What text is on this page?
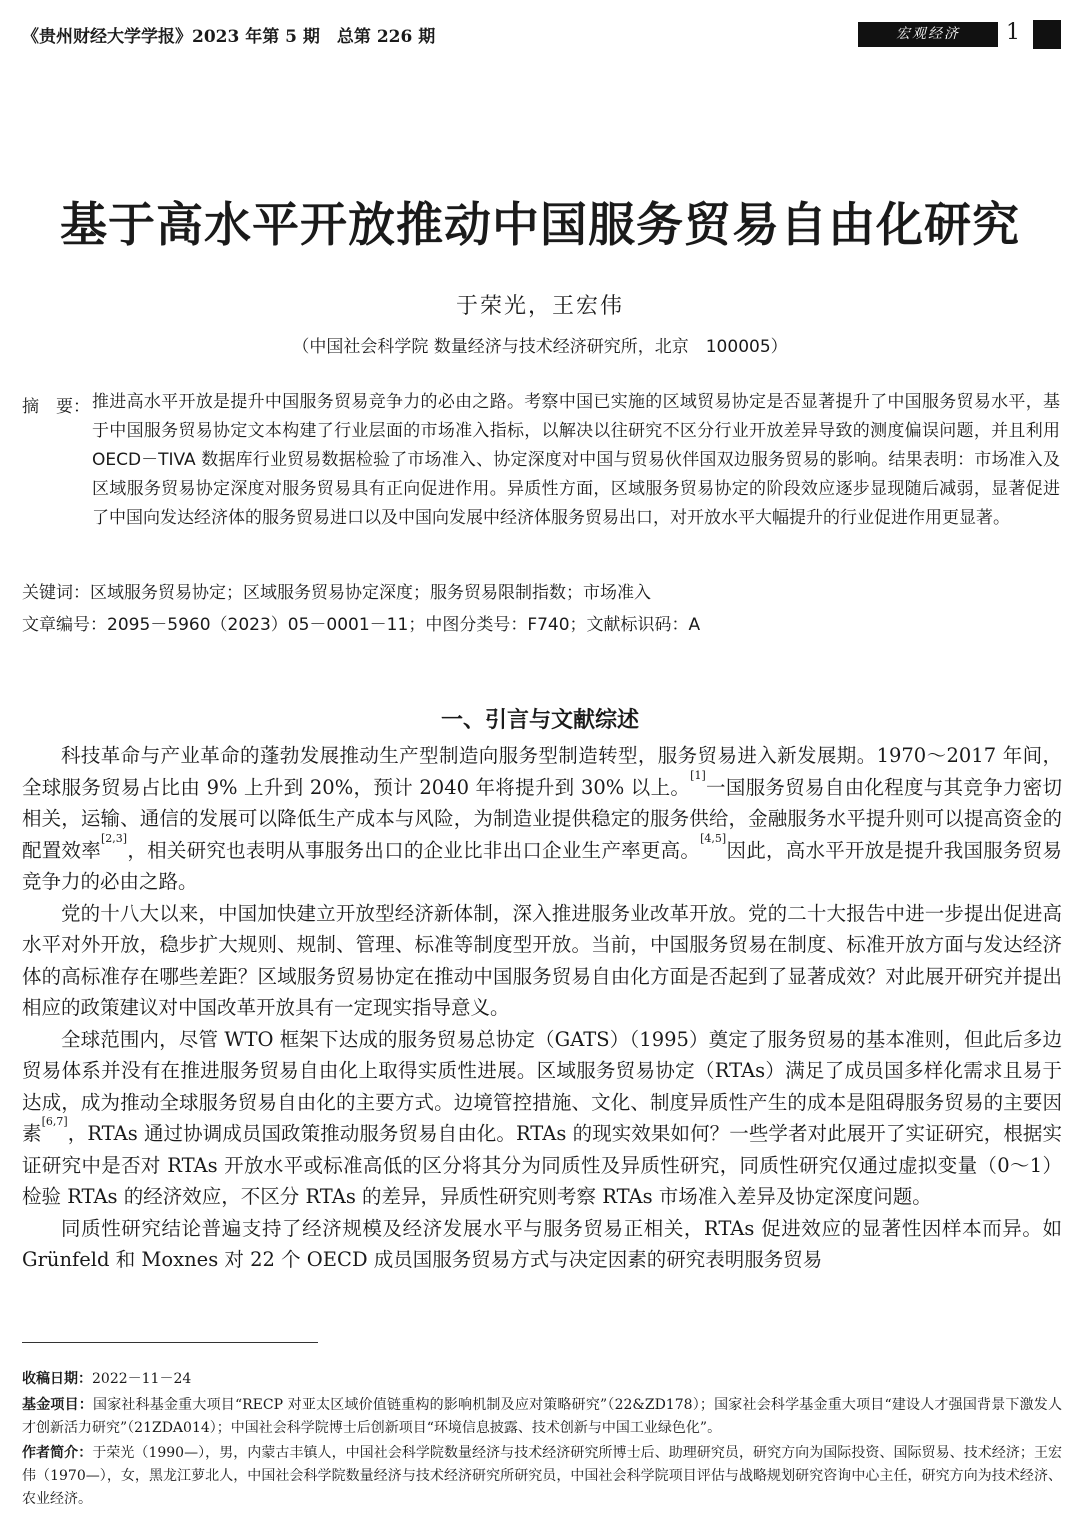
《贵州财经大学学报》2023 年第 5 期　总第 226 期	宏观经济	1
基于高水平开放推动中国服务贸易自由化研究
于荣光，王宏伟
（中国社会科学院 数量经济与技术经济研究所，北京　100005）
摘　要： 推进高水平开放是提升中国服务贸易竞争力的必由之路。考察中国已实施的区域贸易协定是否显著提升了中国服务贸易水平，基于中国服务贸易协定文本构建了行业层面的市场准入指标，以解决以往研究不区分行业开放差异导致的测度偏误问题，并且利用 OECD－TIVA 数据库行业贸易数据检验了市场准入、协定深度对中国与贸易伙伴国双边服务贸易的影响。结果表明：市场准入及区域服务贸易协定深度对服务贸易具有正向促进作用。异质性方面，区域服务贸易协定的阶段效应逐步显现随后减弱，显著促进了中国向发达经济体的服务贸易进口以及中国向发展中经济体服务贸易出口，对开放水平大幅提升的行业促进作用更显著。
关键词：区域服务贸易协定；区域服务贸易协定深度；服务贸易限制指数；市场准入
文章编号：2095－5960（2023）05－0001－11；中图分类号：F740；文献标识码：A
一、引言与文献综述

科技革命与产业革命的蓬勃发展推动生产型制造向服务型制造转型，服务贸易进入新发展期。1970～2017 年间，全球服务贸易占比由 9% 上升到 20%，预计 2040 年将提升到 30% 以上。[1]一国服务贸易自由化程度与其竞争力密切相关，运输、通信的发展可以降低生产成本与风险，为制造业提供稳定的服务供给，金融服务水平提升则可以提高资金的配置效率[2,3]，相关研究也表明从事服务出口的企业比非出口企业生产率更高。[4,5]因此，高水平开放是提升我国服务贸易竞争力的必由之路。

党的十八大以来，中国加快建立开放型经济新体制，深入推进服务业改革开放。党的二十大报告中进一步提出促进高水平对外开放，稳步扩大规则、规制、管理、标准等制度型开放。当前，中国服务贸易在制度、标准开放方面与发达经济体的高标准存在哪些差距？区域服务贸易协定在推动中国服务贸易自由化方面是否起到了显著成效？对此展开研究并提出相应的政策建议对中国改革开放具有一定现实指导意义。

全球范围内，尽管 WTO 框架下达成的服务贸易总协定（GATS）（1995）奠定了服务贸易的基本准则，但此后多边贸易体系并没有在推进服务贸易自由化上取得实质性进展。区域服务贸易协定（RTAs）满足了成员国多样化需求且易于达成，成为推动全球服务贸易自由化的主要方式。边境管控措施、文化、制度异质性产生的成本是阻碍服务贸易的主要因素[6,7]，RTAs 通过协调成员国政策推动服务贸易自由化。RTAs 的现实效果如何？一些学者对此展开了实证研究，根据实证研究中是否对 RTAs 开放水平或标准高低的区分将其分为同质性及异质性研究，同质性研究仅通过虚拟变量（0～1）检验 RTAs 的经济效应，不区分 RTAs 的差异，异质性研究则考察 RTAs 市场准入差异及协定深度问题。

同质性研究结论普遍支持了经济规模及经济发展水平与服务贸易正相关，RTAs 促进效应的显著性因样本而异。如 Grünfeld 和 Moxnes 对 22 个 OECD 成员国服务贸易方式与决定因素的研究表明服务贸易

收稿日期：2022－11－24
基金项目：国家社科基金重大项目“RECP 对亚太区域价值链重构的影响机制及应对策略研究”（22&ZD178）；国家社会科学基金重大项目“建设人才强国背景下激发人才创新活力研究”（21ZDA014）；中国社会科学院博士后创新项目“环境信息披露、技术创新与中国工业绿色化”。
作者简介：于荣光（1990—），男，内蒙古丰镇人，中国社会科学院数量经济与技术经济研究所博士后、助理研究员，研究方向为国际投资、国际贸易、技术经济；王宏伟（1970—），女，黑龙江萝北人，中国社会科学院数量经济与技术经济研究所研究员，中国社会科学院项目评估与战略规划研究咨询中心主任，研究方向为技术经济、农业经济。
